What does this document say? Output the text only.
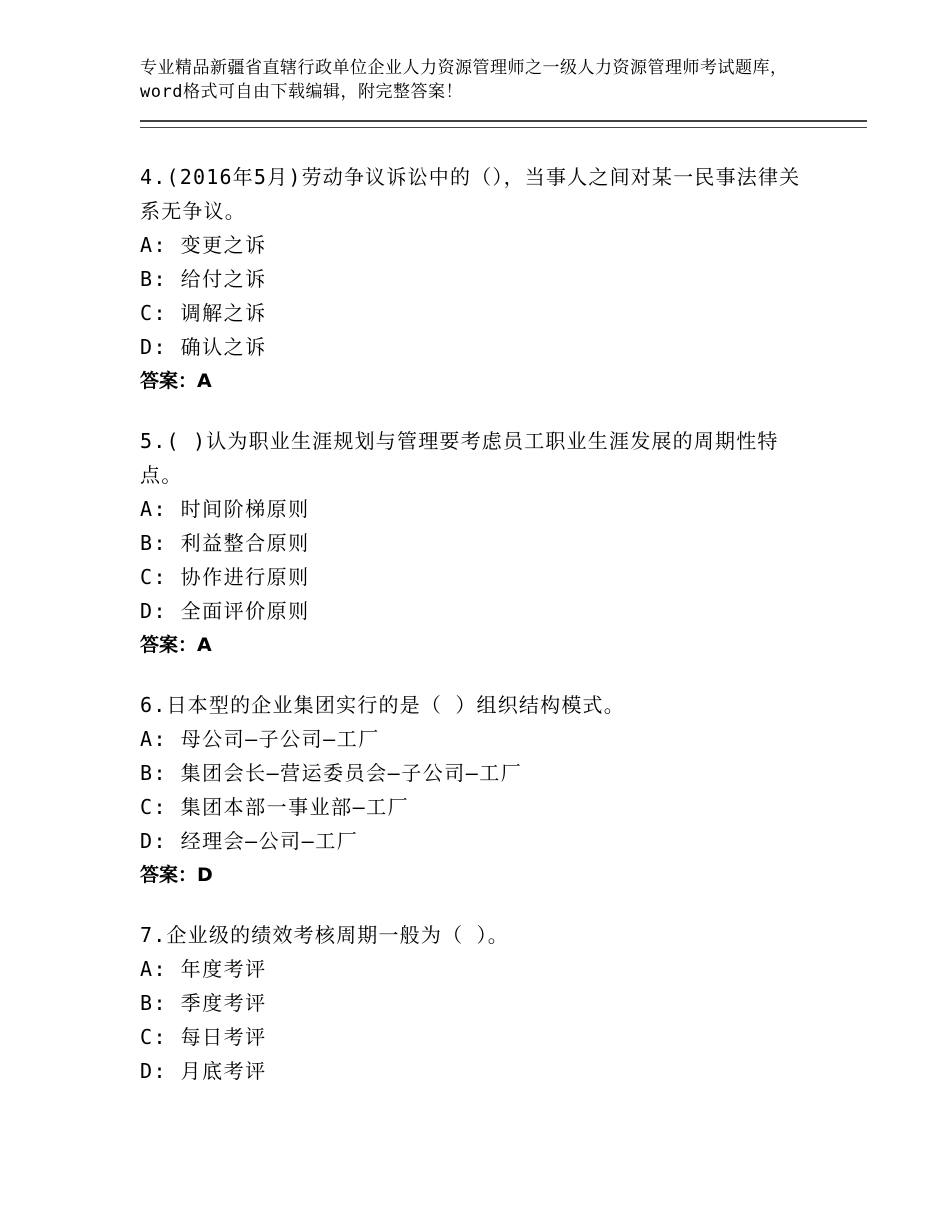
专业精品新疆省直辖行政单位企业人力资源管理师之一级人力资源管理师考试题库，word格式可自由下载编辑，附完整答案！
4.(2016年5月)劳动争议诉讼中的（），当事人之间对某一民事法律关系无争议。
A: 变更之诉
B: 给付之诉
C: 调解之诉
D: 确认之诉
答案：A
5.( )认为职业生涯规划与管理要考虑员工职业生涯发展的周期性特点。
A: 时间阶梯原则
B: 利益整合原则
C: 协作进行原则
D: 全面评价原则
答案：A
6.日本型的企业集团实行的是（ ）组织结构模式。
A: 母公司—子公司—工厂
B: 集团会长—营运委员会—子公司—工厂
C: 集团本部一事业部—工厂
D: 经理会—公司—工厂
答案：D
7.企业级的绩效考核周期一般为（ ）。
A: 年度考评
B: 季度考评
C: 每日考评
D: 月底考评
